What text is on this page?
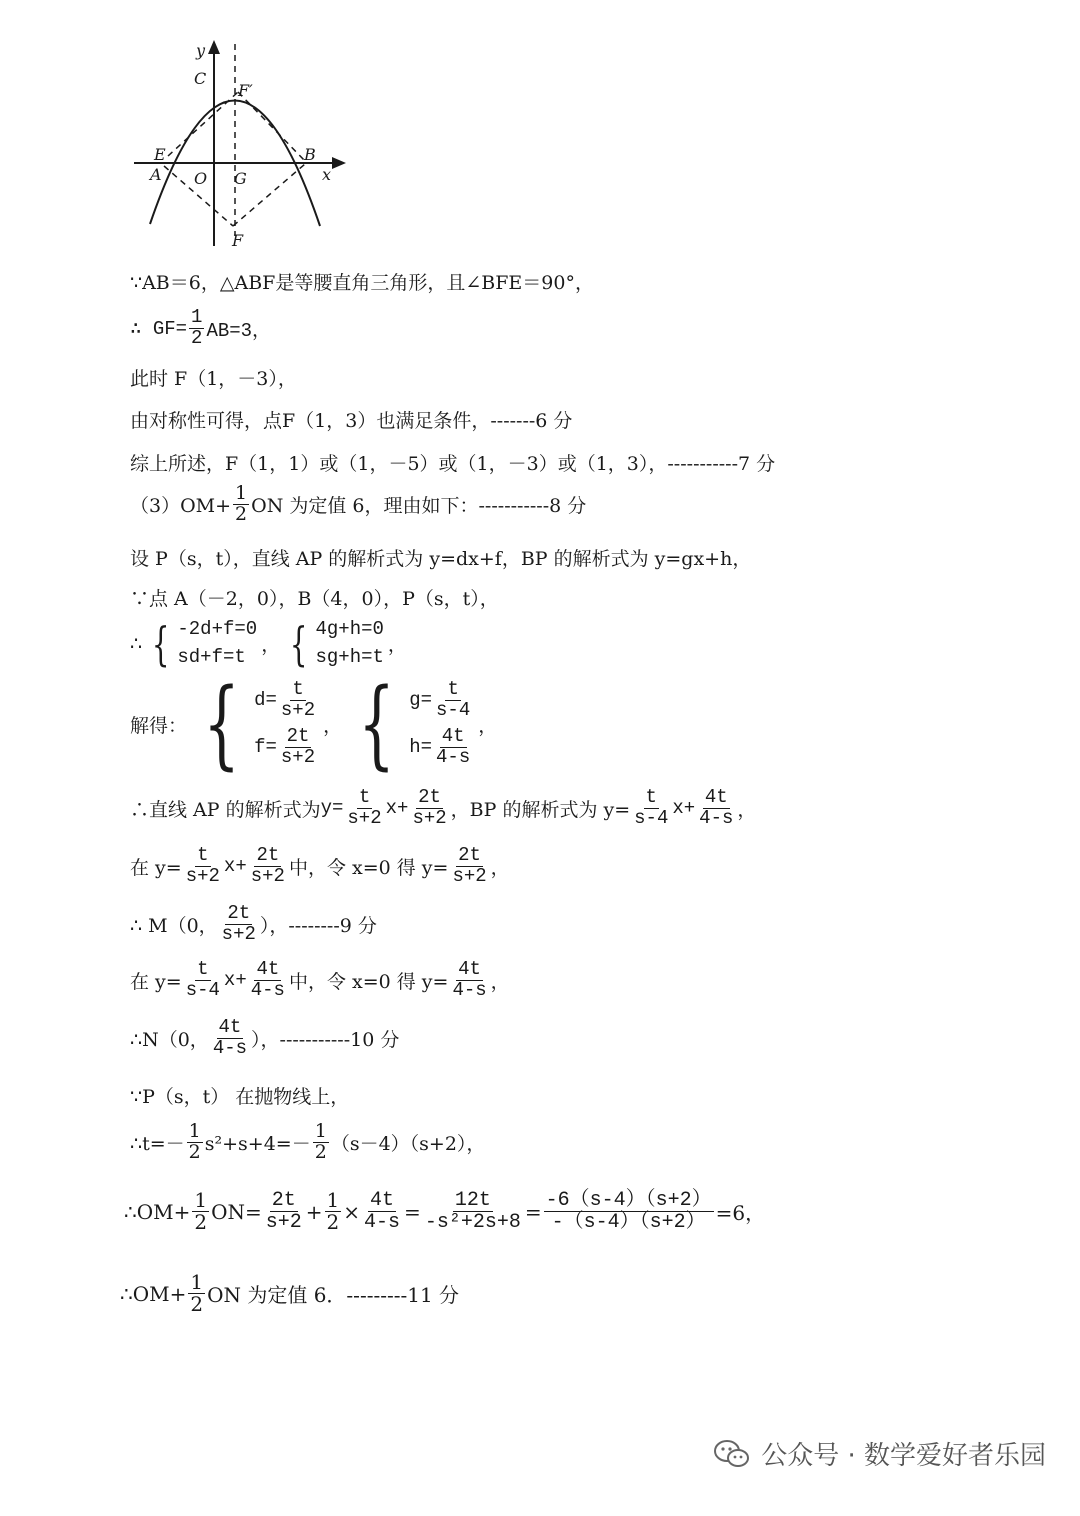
y
C
F′
E
A O G
B
x
F
∵AB＝6，△ABF是等腰直角三角形，且∠BFE＝90°，
∴ $GF= \frac{1}{2} AB=3$，
此时 F（1，－3），
由对称性可得，点F（1，3）也满足条件，-------6 分
综上所述，F（1，1）或（1，－5）或（1，－3）或（1，3），-----------7 分
$(3)OM+ \frac{1}{2}$ ON 为定值 6，理由如下：-----------8 分
设 P（s，t），直线 AP 的解析式为 y=dx+f，BP 的解析式为 y=gx+h，
∵点 A（－2，0），B（4，0），P（s，t），
∴ { -2d+f=0
sd+f=t
， { 4g+h=0
sg+h=t
，
解得： { $d= \frac{t}{s+2}$
$f= \frac{2t}{s+2}$
， { $g= \frac{t}{s-4}$
$h= \frac{4t}{4-s}$
，
∴直线 AP 的解析式为 $y= \frac{t}{s+2} x+ \frac{2t}{s+2}$ ，BP 的解析式为 $y= \frac{t}{s-4} x+ \frac{4t}{4-s}$ ，
在 $y= \frac{t}{s+2} x+ \frac{2t}{s+2}$ 中，令 x=0 得 $y= \frac{2t}{s+2}$ ，
∴ M（0， $\frac{2t}{s+2}$ ），--------9 分
在 $y= \frac{t}{s-4} x+ \frac{4t}{4-s}$ 中，令 x=0 得 $y= \frac{4t}{4-s}$ ，
∴N（0， $\frac{4t}{4-s}$ ），-----------10 分
∵P（s，t） 在抛物线上，
∴t=－ $\frac{1}{2} s^2+s+4=- \frac{1}{2} (s-4)(s+2)$，
∴OM+ $\frac{1}{2} ON= \frac{2t}{s+2} + \frac{1}{2} \times \frac{4t}{4-s} = \frac{12t}{\text{-s²+2s+8}} = \frac{-6(s-4)(s+2)}{-(s-4)(s+2)} =6$，
∴OM+ $\frac{1}{2}$ ON 为定值 6．---------11 分
公众号 · 数学爱好者乐园
